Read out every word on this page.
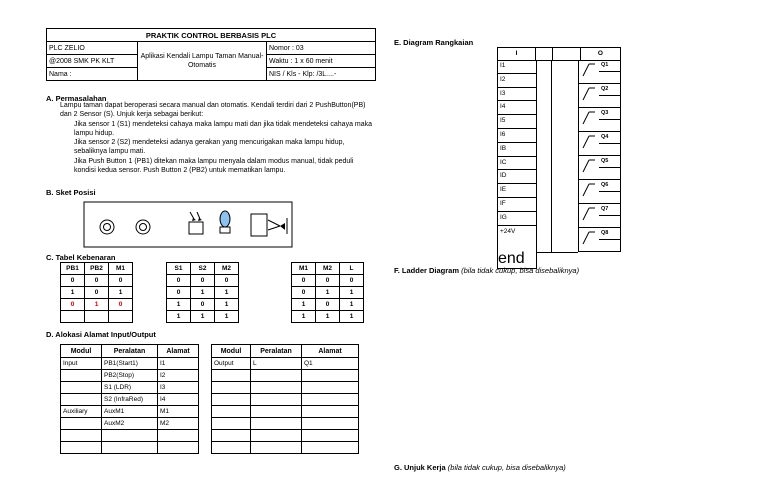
PRAKTIK CONTROL BERBASIS PLC		
PLC ZELIO	Aplikasi Kendali Lampu Taman Manual-Otomatis	Nomor : 03
@2008 SMK PK KLT		Waktu : 1 x 60 menit
Nama :		NIS / Kls - Klp: /3L....-
A. Permasalahan
Lampu taman dapat beroperasi secara manual dan otomatis. Kendali terdiri dari 2 PushButton(PB) dan 2 Sensor (S). Unjuk kerja sebagai berikut:
Jika sensor 1 (S1) mendeteksi cahaya maka lampu mati dan jika tidak mendeteksi cahaya maka lampu hidup.
Jika sensor 2 (S2) mendeteksi adanya gerakan yang mencurigakan maka lampu hidup, sebaliknya lampu mati.
Jika Push Button 1 (PB1) ditekan maka lampu menyala dalam modus manual, tidak peduli kondisi kedua sensor. Push Button 2 (PB2) untuk mematikan lampu.
B. Sket Posisi
C. Tabel Kebenaran
PB1	PB2	M1
0	0	0
1	0	1
0	1	0

S1	S2	M2
0	0	0
0	1	1
1	0	1
1	1	1
M1	M2	L
0	0	0
0	1	1
1	0	1
1	1	1
D. Alokasi Alamat Input/Output
Modul	Peralatan	Alamat
Input	PB1(Start1)	I1
	PB2(Stop)	I2
	S1 (LDR)	I3
	S2 (InfraRed)	I4
Auxiliary	AuxM1	M1
	AuxM2	M2

Modul	Peralatan	Alamat
Output	L	Q1

E. Diagram Rangkaian
I			O
I1
I2
I3
I4
I5
I6
IB
IC
ID
IE
IF
IG
+24V
end
Q1
Q2
Q3
Q4
Q5
Q6
Q7
Q8
F. Ladder Diagram (bila tidak cukup, bisa disebaliknya)
G. Unjuk Kerja (bila tidak cukup, bisa disebaliknya)
